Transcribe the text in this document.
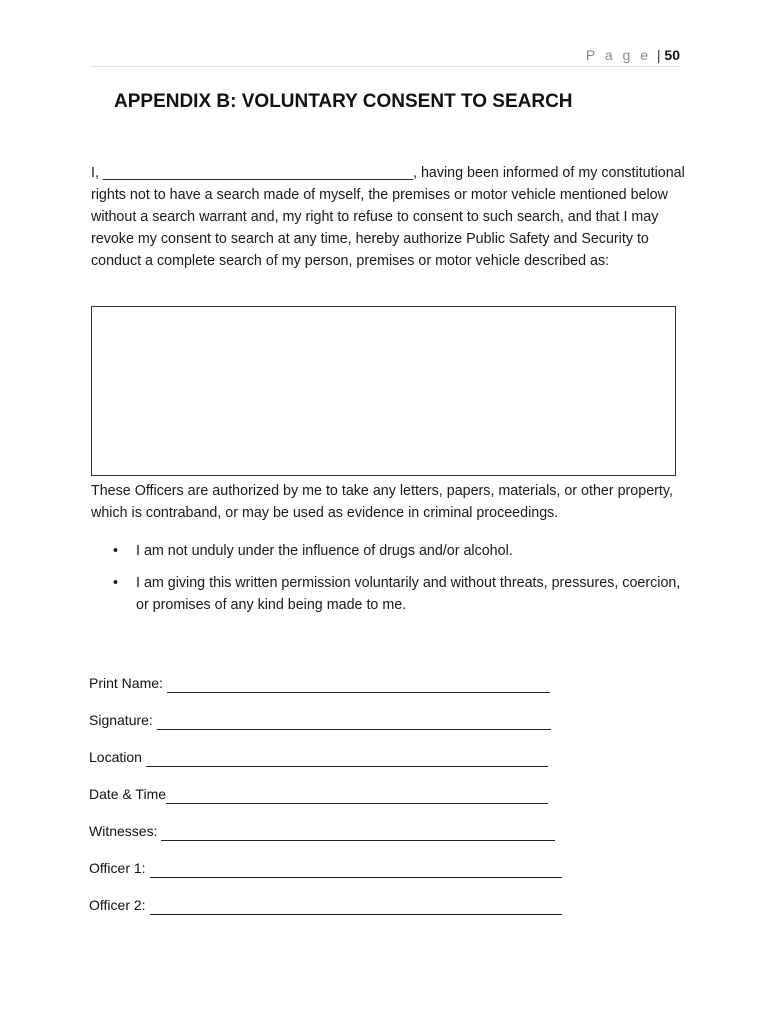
P a g e | 50
APPENDIX B: VOLUNTARY CONSENT TO SEARCH

I, _______________________________________, having been informed of my constitutional rights not to have a search made of myself, the premises or motor vehicle mentioned below without a search warrant and, my right to refuse to consent to such search, and that I may revoke my consent to search at any time, hereby authorize Public Safety and Security to conduct a complete search of my person, premises or motor vehicle described as:

These Officers are authorized by me to take any letters, papers, materials, or other property, which is contraband, or may be used as evidence in criminal proceedings.

• I am not unduly under the influence of drugs and/or alcohol.
• I am giving this written permission voluntarily and without threats, pressures, coercion, or promises of any kind being made to me.
Print Name:
Signature:
Location
Date & Time
Witnesses:
Officer 1:
Officer 2:
